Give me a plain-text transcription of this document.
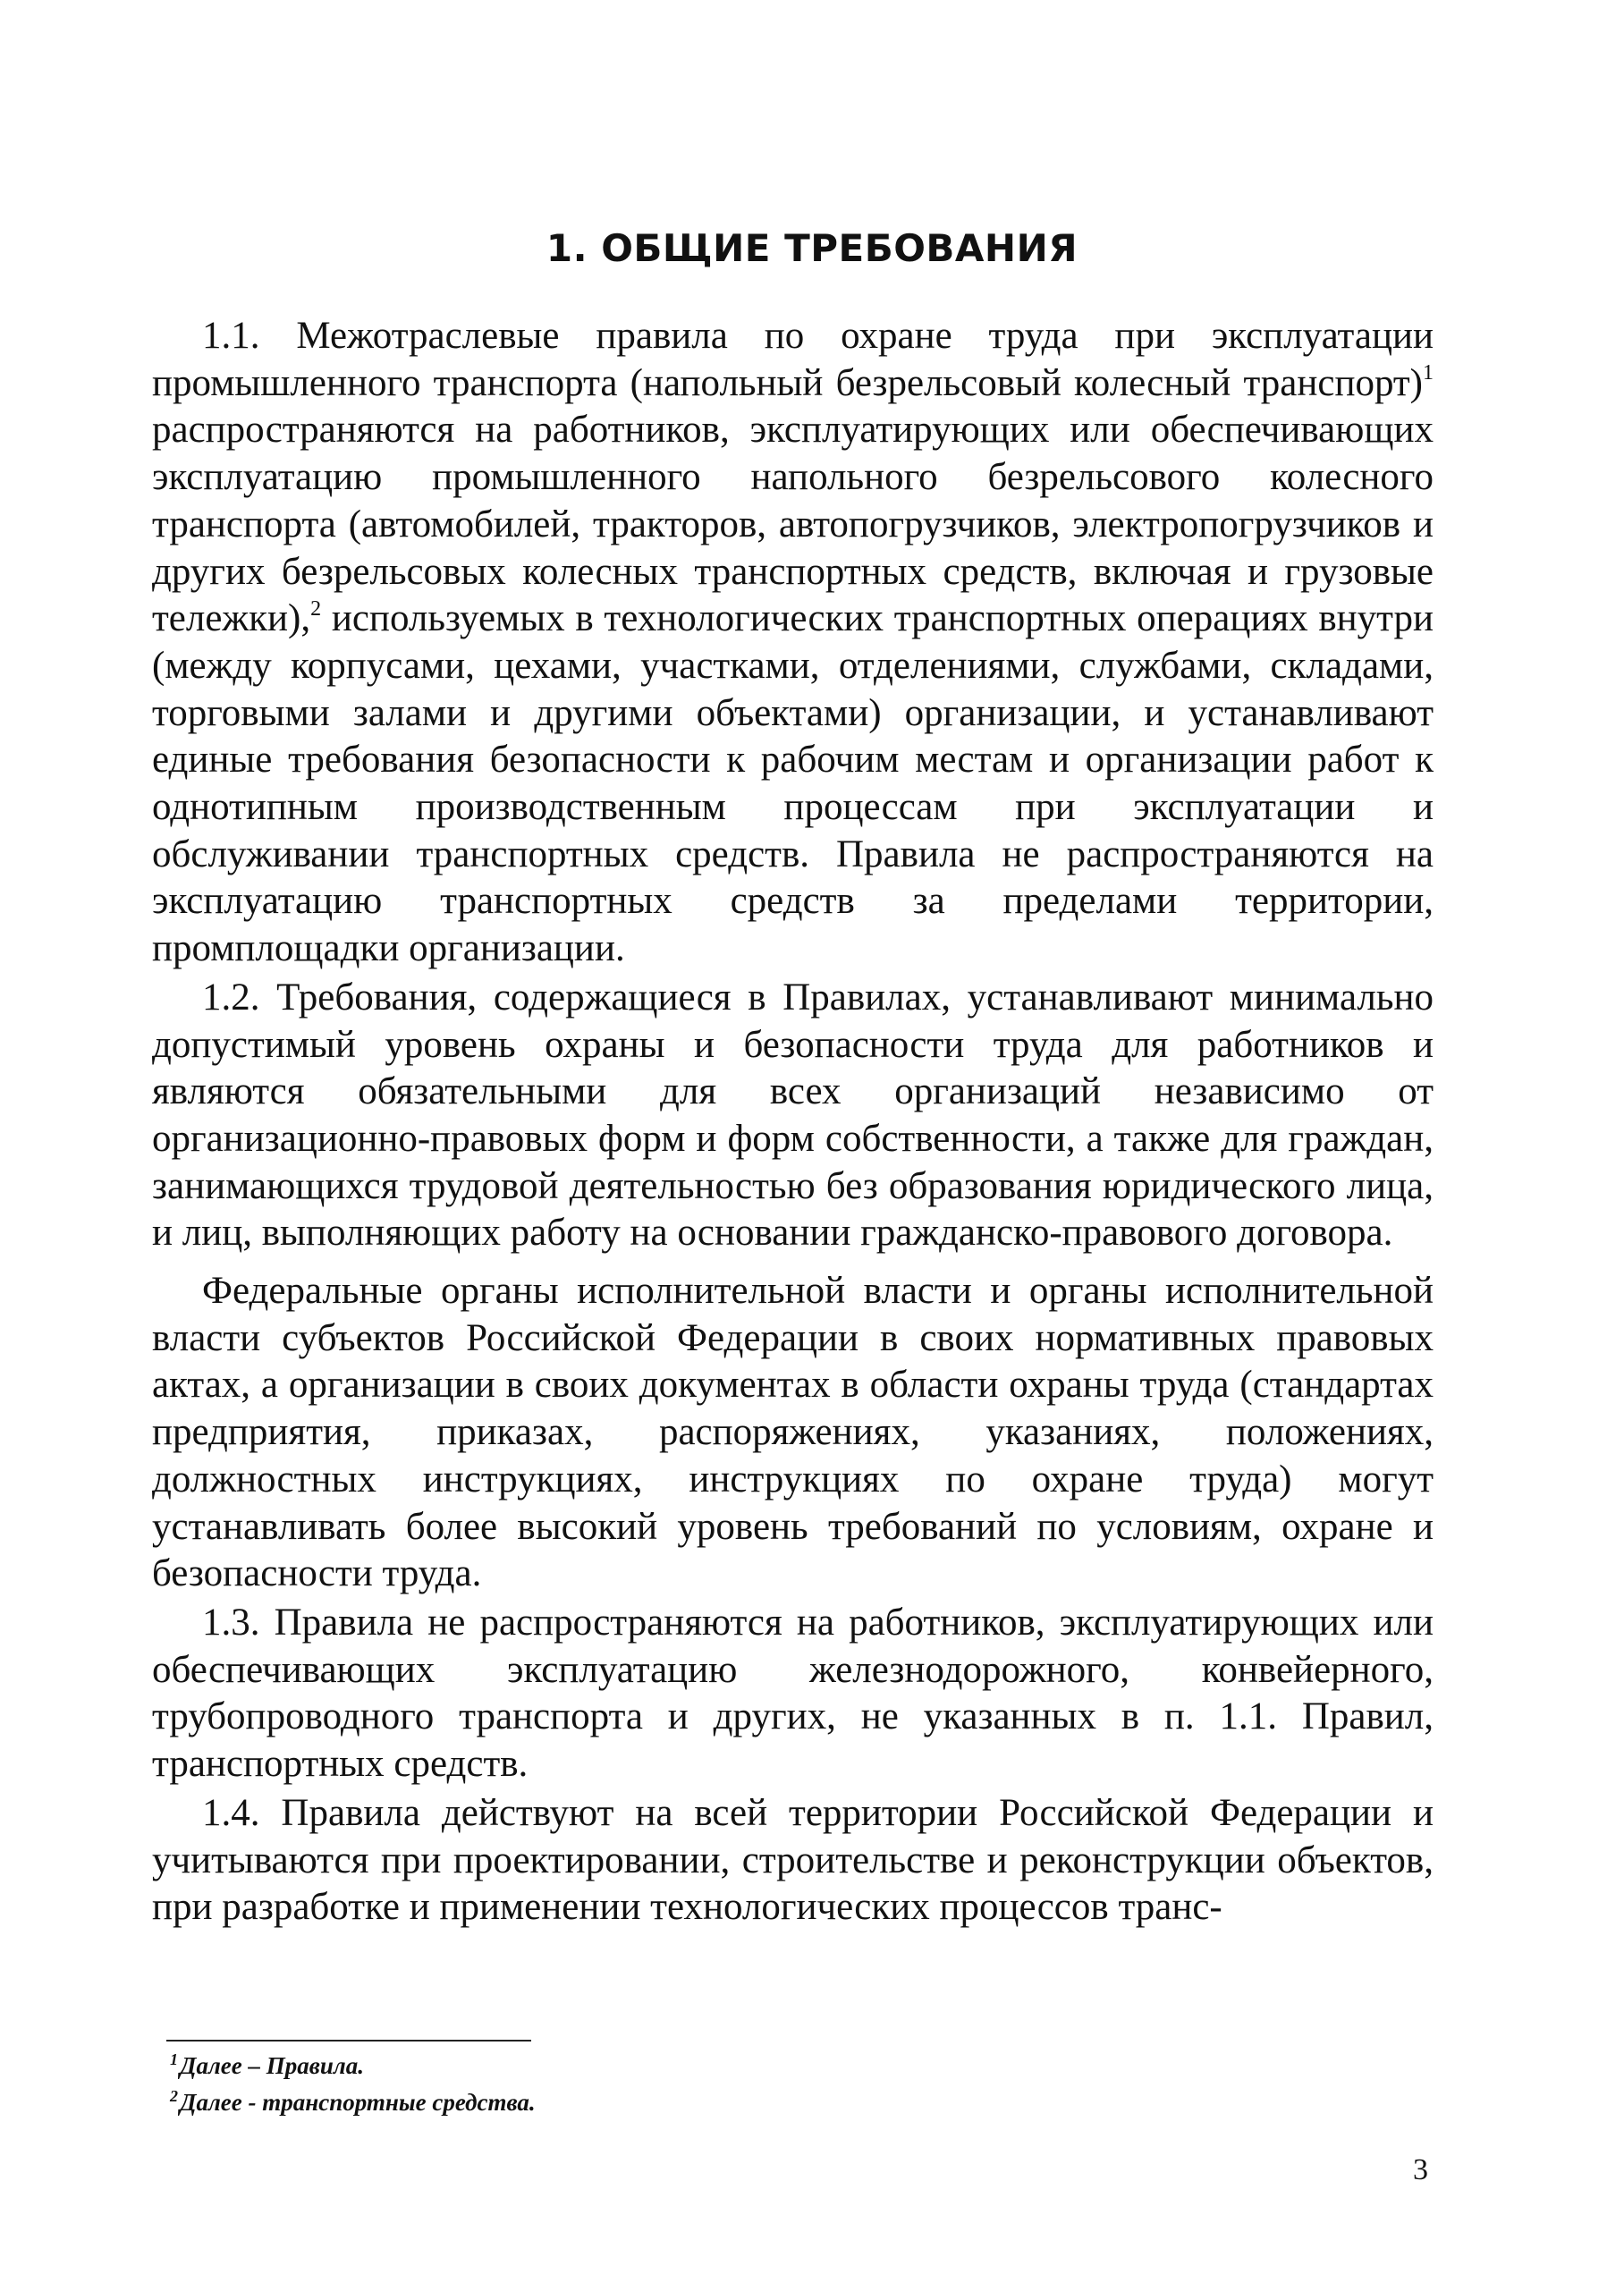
1. ОБЩИЕ ТРЕБОВАНИЯ

1.1. Межотраслевые правила по охране труда при эксплуатации промышленного транспорта (напольный безрельсовый колесный транспорт)$^1$ распространяются на работников, эксплуатирующих или обеспечивающих эксплуатацию промышленного напольного безрельсового колесного транспорта (автомобилей, тракторов, автопогрузчиков, электропогрузчиков и других безрельсовых колесных транспортных средств, включая и грузовые тележки),$^2$ используемых в технологических транспортных операциях внутри (между корпусами, цехами, участками, отделениями, службами, складами, торговыми залами и другими объектами) организации, и устанавливают единые требования безопасности к рабочим местам и организации работ к однотипным производственным процессам при эксплуатации и обслуживании транспортных средств. Правила не распространяются на эксплуатацию транспортных средств за пределами территории, промплощадки организации.

1.2. Требования, содержащиеся в Правилах, устанавливают минимально допустимый уровень охраны и безопасности труда для работников и являются обязательными для всех организаций независимо от организационно-правовых форм и форм собственности, а также для граждан, занимающихся трудовой деятельностью без образования юридического лица, и лиц, выполняющих работу на основании гражданско-правового договора.

Федеральные органы исполнительной власти и органы исполнительной власти субъектов Российской Федерации в своих нормативных правовых актах, а организации в своих документах в области охраны труда (стандартах предприятия, приказах, распоряжениях, указаниях, положениях, должностных инструкциях, инструкциях по охране труда) могут устанавливать более высокий уровень требований по условиям, охране и безопасности труда.

1.3. Правила не распространяются на работников, эксплуатирующих или обеспечивающих эксплуатацию железнодорожного, конвейерного, трубопроводного транспорта и других, не указанных в п. 1.1. Правил, транспортных средств.

1.4. Правила действуют на всей территории Российской Федерации и учитываются при проектировании, строительстве и реконструкции объектов, при разработке и применении технологических процессов транс-

$^1$Далее – Правила.
$^2$Далее - транспортные средства.
3
